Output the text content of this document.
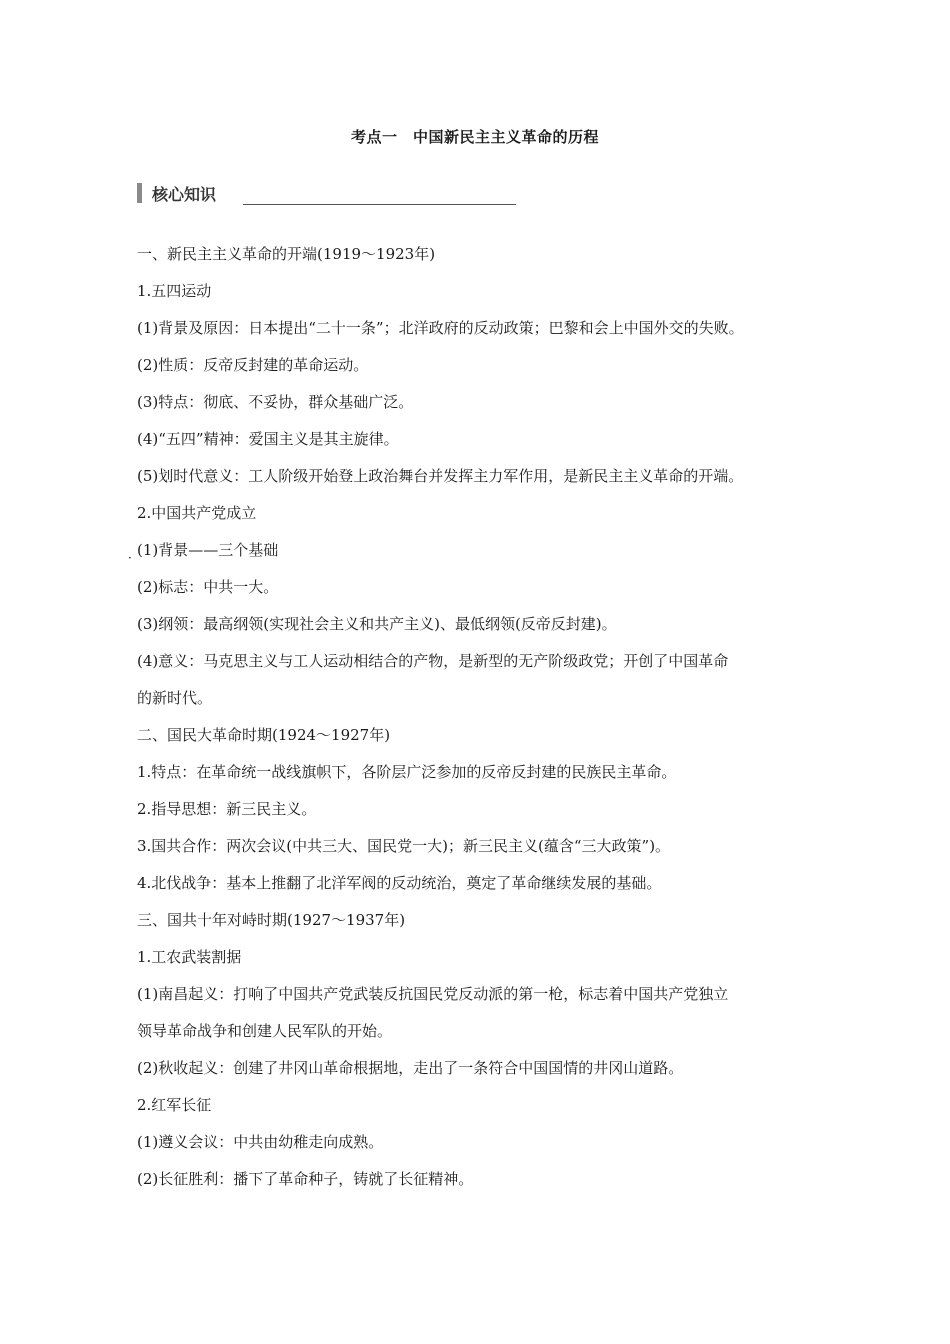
考点一　中国新民主主义革命的历程
核心知识
·
一、新民主主义革命的开端(1919～1923年)
1.五四运动
(1)背景及原因：日本提出“二十一条”；北洋政府的反动政策；巴黎和会上中国外交的失败。
(2)性质：反帝反封建的革命运动。
(3)特点：彻底、不妥协，群众基础广泛。
(4)“五四”精神：爱国主义是其主旋律。
(5)划时代意义：工人阶级开始登上政治舞台并发挥主力军作用，是新民主主义革命的开端。
2.中国共产党成立
(1)背景——三个基础
(2)标志：中共一大。
(3)纲领：最高纲领(实现社会主义和共产主义)、最低纲领(反帝反封建)。
(4)意义：马克思主义与工人运动相结合的产物，是新型的无产阶级政党；开创了中国革命
的新时代。
二、国民大革命时期(1924～1927年)
1.特点：在革命统一战线旗帜下，各阶层广泛参加的反帝反封建的民族民主革命。
2.指导思想：新三民主义。
3.国共合作：两次会议(中共三大、国民党一大)；新三民主义(蕴含“三大政策”)。
4.北伐战争：基本上推翻了北洋军阀的反动统治，奠定了革命继续发展的基础。
三、国共十年对峙时期(1927～1937年)
1.工农武装割据
(1)南昌起义：打响了中国共产党武装反抗国民党反动派的第一枪，标志着中国共产党独立
领导革命战争和创建人民军队的开始。
(2)秋收起义：创建了井冈山革命根据地，走出了一条符合中国国情的井冈山道路。
2.红军长征
(1)遵义会议：中共由幼稚走向成熟。
(2)长征胜利：播下了革命种子，铸就了长征精神。
